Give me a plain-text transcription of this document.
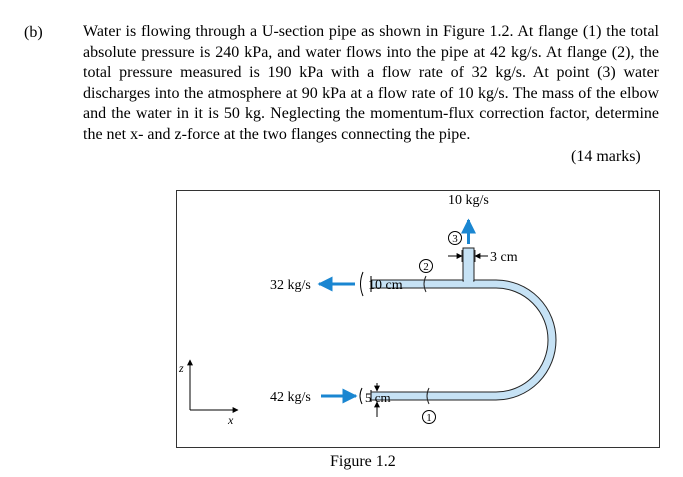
(b)	Water is flowing through a U-section pipe as shown in Figure 1.2. At flange (1) the total absolute pressure is 240 kPa, and water flows into the pipe at 42 kg/s. At flange (2), the total pressure measured is 190 kPa with a flow rate of 32 kg/s. At point (3) water discharges into the atmosphere at 90 kPa at a flow rate of 10 kg/s. The mass of the elbow and the water in it is 50 kg. Neglecting the momentum-flux correction factor, determine the net x- and z-force at the two flanges connecting the pipe.
(14 marks)
10 kg/s
3
3 cm
2
32 kg/s	10 cm
42 kg/s	5 cm
1
z
x
Figure 1.2
